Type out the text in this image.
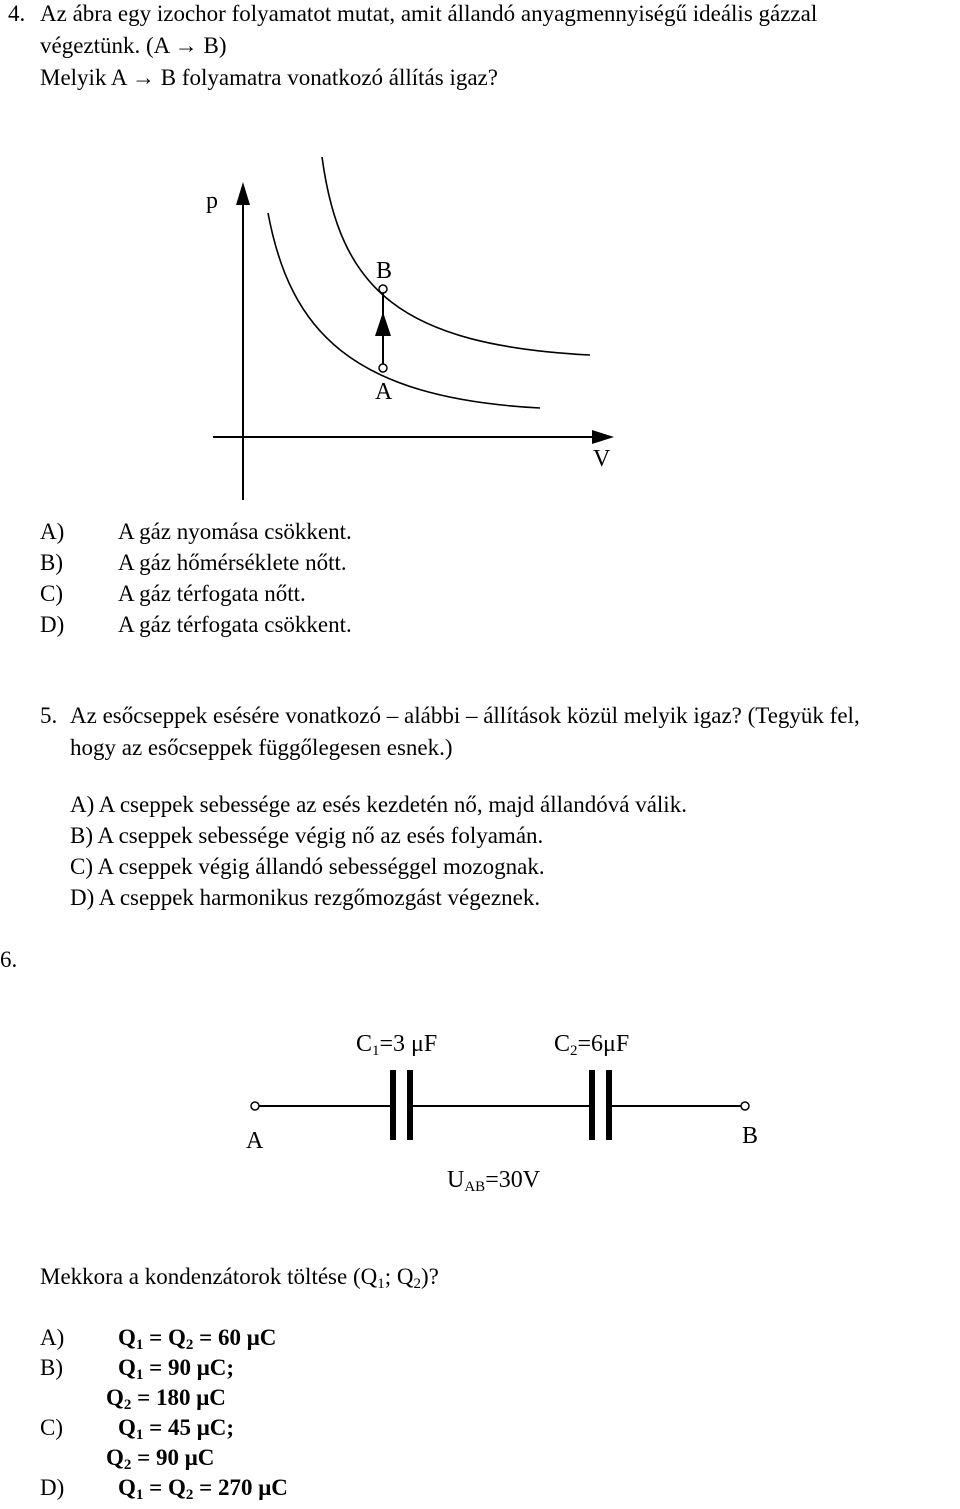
4. Az ábra egy izochor folyamatot mutat, amit állandó anyagmennyiségű ideális gázzal
végeztünk. (A → B)
Melyik A → B folyamatra vonatkozó állítás igaz?
p
V
B
A
A) A gáz nyomása csökkent.
B) A gáz hőmérséklete nőtt.
C) A gáz térfogata nőtt.
D) A gáz térfogata csökkent.
5. Az esőcseppek esésére vonatkozó – alábbi – állítások közül melyik igaz? (Tegyük fel,
hogy az esőcseppek függőlegesen esnek.)
A) A cseppek sebessége az esés kezdetén nő, majd állandóvá válik.
B) A cseppek sebessége végig nő az esés folyamán.
C) A cseppek végig állandó sebességgel mozognak.
D) A cseppek harmonikus rezgőmozgást végeznek.
6.
$C_1=3$ μF	$C_2=6\mu F$
A	B
$U_{AB}=30V$
Mekkora a kondenzátorok töltése ($Q_1$; $Q_2$)?
A) $Q_1 = Q_2 = 60$ μC
B) $Q_1 = 90$ μC;
$Q_2 = 180$ μC
C) $Q_1 = 45$ μC;
$Q_2 = 90$ μC
D) $Q_1 = Q_2 = 270$ μC
